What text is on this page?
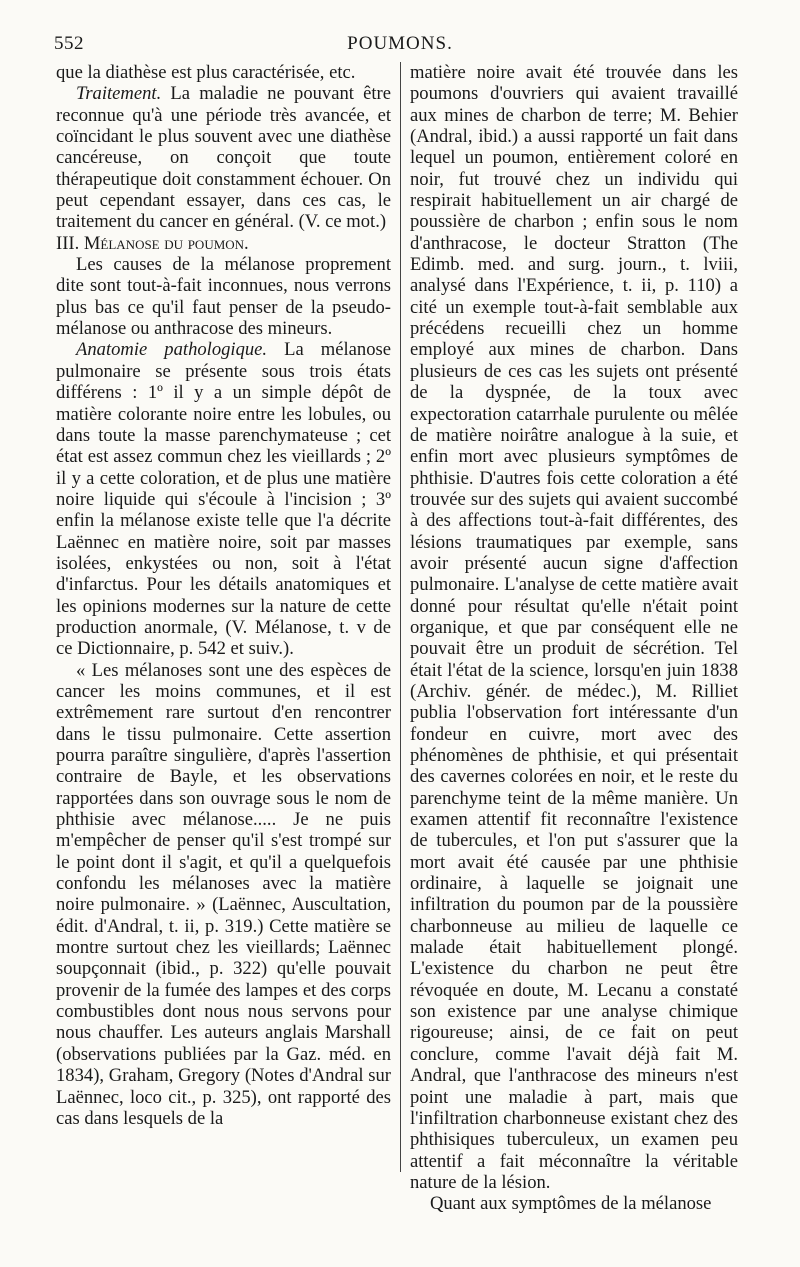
552	POUMONS.

que la diathèse est plus caractérisée, etc.

Traitement. La maladie ne pouvant être reconnue qu'à une période très avancée, et coïncidant le plus souvent avec une diathèse cancéreuse, on conçoit que toute thérapeutique doit constamment échouer. On peut cependant essayer, dans ces cas, le traitement du cancer en général. (V. ce mot.)

III. Mélanose du poumon.

Les causes de la mélanose proprement dite sont tout-à-fait inconnues, nous verrons plus bas ce qu'il faut penser de la pseudo-mélanose ou anthracose des mineurs.

Anatomie pathologique. La mélanose pulmonaire se présente sous trois états différens : 1º il y a un simple dépôt de matière colorante noire entre les lobules, ou dans toute la masse parenchymateuse ; cet état est assez commun chez les vieillards ; 2º il y a cette coloration, et de plus une matière noire liquide qui s'écoule à l'incision ; 3º enfin la mélanose existe telle que l'a décrite Laënnec en matière noire, soit par masses isolées, enkystées ou non, soit à l'état d'infarctus. Pour les détails anatomiques et les opinions modernes sur la nature de cette production anormale, (V. Mélanose, t. v de ce Dictionnaire, p. 542 et suiv.).

« Les mélanoses sont une des espèces de cancer les moins communes, et il est extrêmement rare surtout d'en rencontrer dans le tissu pulmonaire. Cette assertion pourra paraître singulière, d'après l'assertion contraire de Bayle, et les observations rapportées dans son ouvrage sous le nom de phthisie avec mélanose..... Je ne puis m'empêcher de penser qu'il s'est trompé sur le point dont il s'agit, et qu'il a quelquefois confondu les mélanoses avec la matière noire pulmonaire. » (Laënnec, Auscultation, édit. d'Andral, t. ii, p. 319.) Cette matière se montre surtout chez les vieillards; Laënnec soupçonnait (ibid., p. 322) qu'elle pouvait provenir de la fumée des lampes et des corps combustibles dont nous nous servons pour nous chauffer. Les auteurs anglais Marshall (observations publiées par la Gaz. méd. en 1834), Graham, Gregory (Notes d'Andral sur Laënnec, loco cit., p. 325), ont rapporté des cas dans lesquels de la

matière noire avait été trouvée dans les poumons d'ouvriers qui avaient travaillé aux mines de charbon de terre; M. Behier (Andral, ibid.) a aussi rapporté un fait dans lequel un poumon, entièrement coloré en noir, fut trouvé chez un individu qui respirait habituellement un air chargé de poussière de charbon ; enfin sous le nom d'anthracose, le docteur Stratton (The Edimb. med. and surg. journ., t. lviii, analysé dans l'Expérience, t. ii, p. 110) a cité un exemple tout-à-fait semblable aux précédens recueilli chez un homme employé aux mines de charbon. Dans plusieurs de ces cas les sujets ont présenté de la dyspnée, de la toux avec expectoration catarrhale purulente ou mêlée de matière noirâtre analogue à la suie, et enfin mort avec plusieurs symptômes de phthisie. D'autres fois cette coloration a été trouvée sur des sujets qui avaient succombé à des affections tout-à-fait différentes, des lésions traumatiques par exemple, sans avoir présenté aucun signe d'affection pulmonaire. L'analyse de cette matière avait donné pour résultat qu'elle n'était point organique, et que par conséquent elle ne pouvait être un produit de sécrétion. Tel était l'état de la science, lorsqu'en juin 1838 (Archiv. génér. de médec.), M. Rilliet publia l'observation fort intéressante d'un fondeur en cuivre, mort avec des phénomènes de phthisie, et qui présentait des cavernes colorées en noir, et le reste du parenchyme teint de la même manière. Un examen attentif fit reconnaître l'existence de tubercules, et l'on put s'assurer que la mort avait été causée par une phthisie ordinaire, à laquelle se joignait une infiltration du poumon par de la poussière charbonneuse au milieu de laquelle ce malade était habituellement plongé. L'existence du charbon ne peut être révoquée en doute, M. Lecanu a constaté son existence par une analyse chimique rigoureuse; ainsi, de ce fait on peut conclure, comme l'avait déjà fait M. Andral, que l'anthracose des mineurs n'est point une maladie à part, mais que l'infiltration charbonneuse existant chez des phthisiques tuberculeux, un examen peu attentif a fait méconnaître la véritable nature de la lésion.

Quant aux symptômes de la mélanose
